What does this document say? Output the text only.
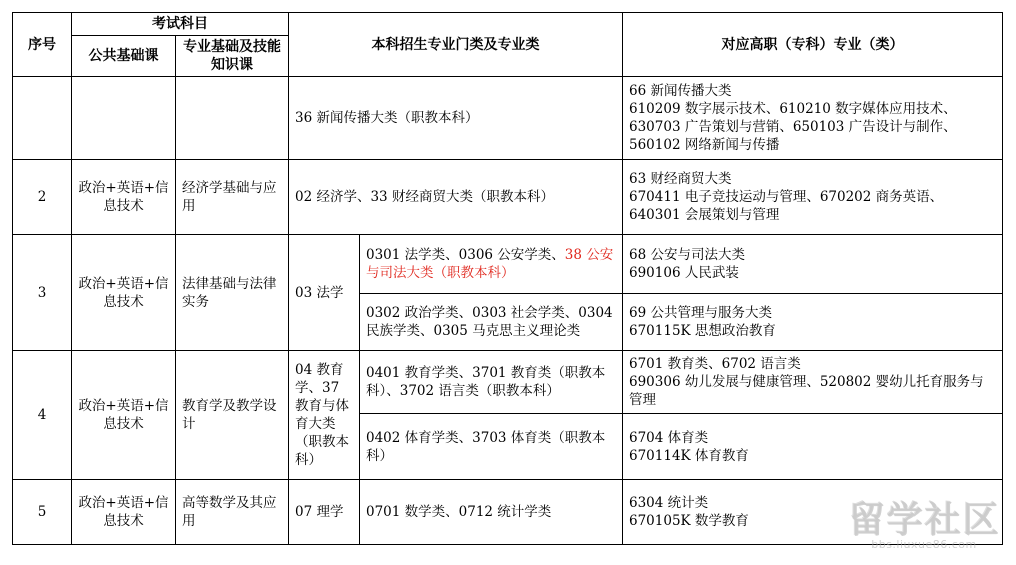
序号	考试科目		本科招生专业门类及专业类		对应高职（专科）专业（类）
	公共基础课	专业基础及技能知识课			
			36 新闻传播大类（职教本科）		66 新闻传播大类
610209 数字展示技术、610210 数字媒体应用技术、
630703 广告策划与营销、650103 广告设计与制作、
560102 网络新闻与传播

2	政治+英语+信息技术	经济学基础与应用	02 经济学、33 财经商贸大类（职教本科）		63 财经商贸大类
670411 电子竞技运动与管理、670202 商务英语、
640301 会展策划与管理

3	政治+英语+信息技术	法律基础与法律实务	03 法学	0301 法学类、0306 公安学类、38 公安与司法大类（职教本科）	68 公安与司法大类
690106 人民武装

				0302 政治学类、0303 社会学类、0304 民族学类、0305 马克思主义理论类	69 公共管理与服务大类
670115K 思想政治教育

4	政治+英语+信息技术	教育学及教学设计	04 教育学、37 教育与体育大类（职教本科）	0401 教育学类、3701 教育类（职教本科）、3702 语言类（职教本科）	6701 教育类、6702 语言类
690306 幼儿发展与健康管理、520802 婴幼儿托育服务与管理

				0402 体育学类、3703 体育类（职教本科）	6704 体育类
670114K 体育教育

5	政治+英语+信息技术	高等数学及其应用	07 理学	0701 数学类、0712 统计学类	6304 统计类
670105K 数学教育	留学社区
bbs.liuxue86.com
